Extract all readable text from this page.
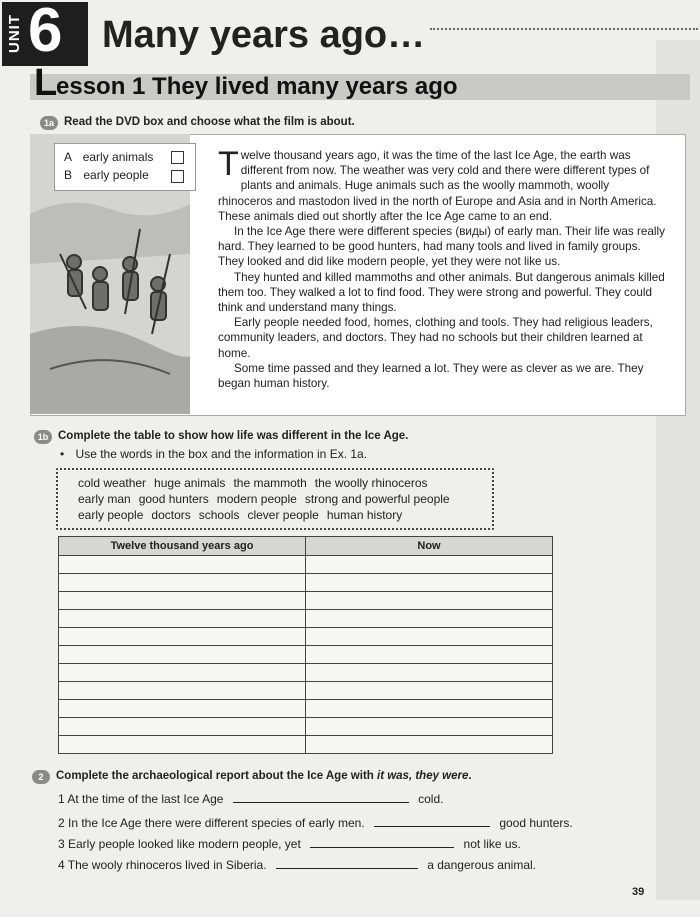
UNIT 6 Many years ago…
L
esson 1 They lived many years ago
1a Read the DVD box and choose what the film is about.
A early animals
B early people Twelve thousand years ago, it was the time of the last Ice Age, the earth was different from now. The weather was very cold and there were different types of plants and animals. Huge animals such as the woolly mammoth, woolly rhinoceros and mastodon lived in the north of Europe and Asia and in North America. These animals died out shortly after the Ice Age came to an end.

In the Ice Age there were different species (виды) of early man. Their life was really hard. They learned to be good hunters, had many tools and lived in family groups. They looked and did like modern people, yet they were not like us.

They hunted and killed mammoths and other animals. But dangerous animals killed them too. They walked a lot to find food. They were strong and powerful. They could think and understand many things.

Early people needed food, homes, clothing and tools. They had religious leaders, community leaders, and doctors. They had no schools but their children learned at home.

Some time passed and they learned a lot. They were as clever as we are. They began human history.

1b Complete the table to show how life was different in the Ice Age.
• Use the words in the box and the information in Ex. 1a.
cold weather huge animals the mammoth the woolly rhinoceros
early man good hunters modern people strong and powerful people
early people doctors schools clever people human history
Twelve thousand years ago	Now

2	Complete the archaeological report about the Ice Age with it was, they were.
1 At the time of the last Ice Age	cold.
2 In the Ice Age there were different species of early men.	good hunters.
3 Early people looked like modern people, yet	not like us.
4 The wooly rhinoceros lived in Siberia.	a dangerous animal.
39
